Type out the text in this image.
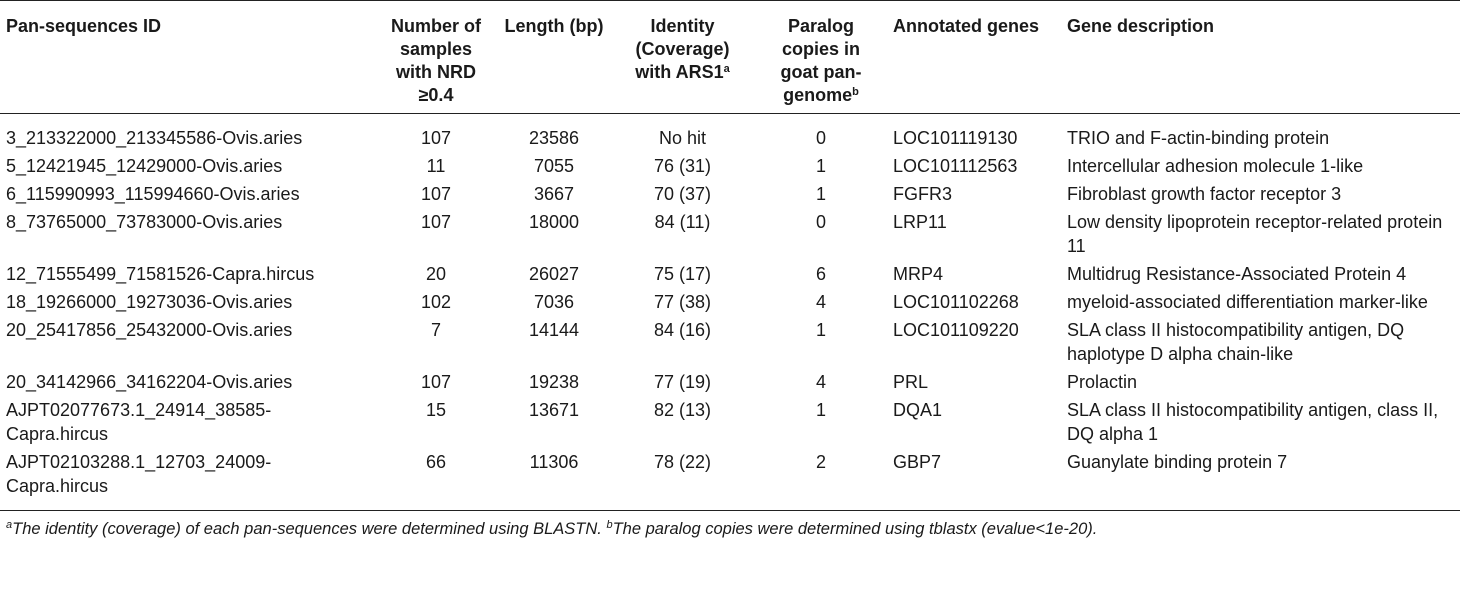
Pan-sequences ID	Number of samples with NRD ≥0.4	Length (bp)	Identity (Coverage) with ARS1$^a$	Paralog copies in goat pan-genome$^b$	Annotated genes	Gene description
3_213322000_213345586-Ovis.aries	107	23586	No hit	0	LOC101119130	TRIO and F-actin-binding protein
5_12421945_12429000-Ovis.aries	11	7055	76 (31)	1	LOC101112563	Intercellular adhesion molecule 1-like
6_115990993_115994660-Ovis.aries	107	3667	70 (37)	1	FGFR3	Fibroblast growth factor receptor 3
8_73765000_73783000-Ovis.aries	107	18000	84 (11)	0	LRP11	Low density lipoprotein receptor-related protein 11
12_71555499_71581526-Capra.hircus	20	26027	75 (17)	6	MRP4	Multidrug Resistance-Associated Protein 4
18_19266000_19273036-Ovis.aries	102	7036	77 (38)	4	LOC101102268	myeloid-associated differentiation marker-like
20_25417856_25432000-Ovis.aries	7	14144	84 (16)	1	LOC101109220	SLA class II histocompatibility antigen, DQ haplotype D alpha chain-like
20_34142966_34162204-Ovis.aries	107	19238	77 (19)	4	PRL	Prolactin
AJPT02077673.1_24914_38585-Capra.hircus	15	13671	82 (13)	1	DQA1	SLA class II histocompatibility antigen, class II, DQ alpha 1
AJPT02103288.1_12703_24009-Capra.hircus	66	11306	78 (22)	2	GBP7	Guanylate binding protein 7
$^a$The identity (coverage) of each pan-sequences were determined using BLASTN. $^b$The paralog copies were determined using tblastx (evalue<1e-20).
